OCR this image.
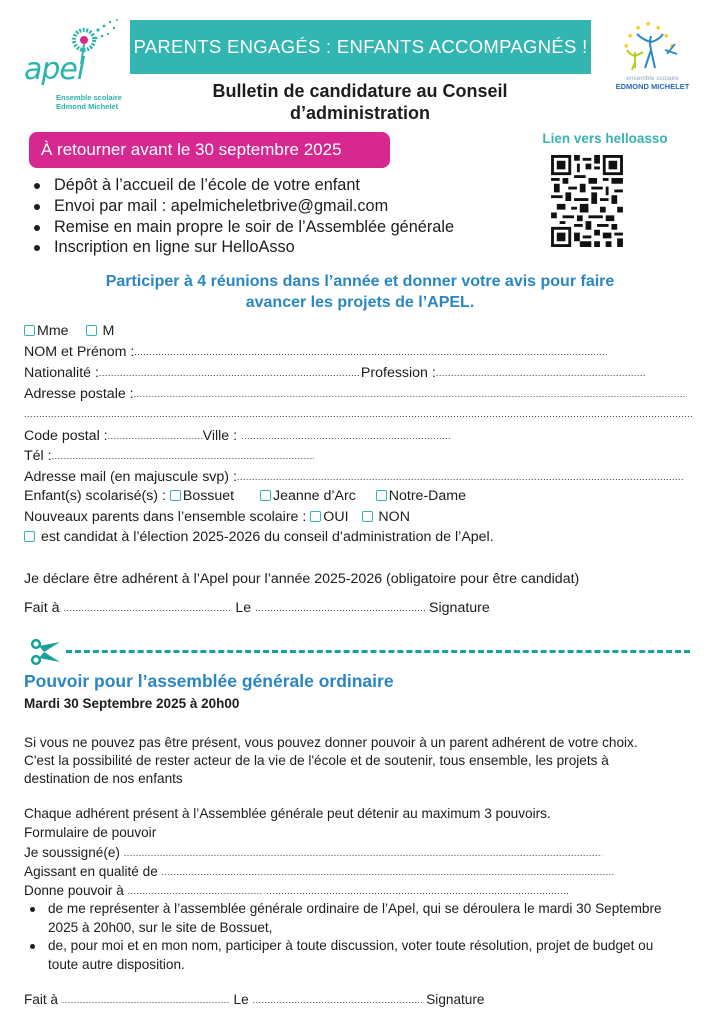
apel
Ensemble scolaire
Edmond Michelet
PARENTS ENGAGÉS : ENFANTS ACCOMPAGNÉS !
★
★ ★
★	★
★	★
ensemble scolaire
EDMOND MICHELET
Bulletin de candidature au Conseil
d’administration
À retourner avant le 30 septembre 2025
Lien vers helloasso
Dépôt à l’accueil de l’école de votre enfant
Envoi par mail : apelmicheletbrive@gmail.com
Remise en main propre le soir de l’Assemblée générale
Inscription en ligne sur HelloAsso
Participer à 4 réunions dans l’année et donner votre avis pour faire
avancer les projets de l’APEL.
Mme M
NOM et Prénom :.....
Nationalité : .....	Profession :.....
Adresse postale :.....
.....
Code postal : .....	Ville : .....
Tél :.....
Adresse mail (en majuscule svp) :.....
Enfant(s) scolarisé(s) : Bossuet	Jeanne d’Arc Notre-Dame
Nouveaux parents dans l’ensemble scolaire : OUI NON
est candidat à l’élection 2025-2026 du conseil d’administration de l’Apel.
Je déclare être adhérent à l’Apel pour l’année 2025-2026 (obligatoire pour être candidat)
Fait à .....	Le .....	Signature
Pouvoir pour l’assemblée générale ordinaire
Mardi 30 Septembre 2025 à 20h00
Si vous ne pouvez pas être présent, vous pouvez donner pouvoir à un parent adhérent de votre choix.
C'est la possibilité de rester acteur de la vie de l'école et de soutenir, tous ensemble, les projets à
destination de nos enfants
Chaque adhérent présent à l’Assemblée générale peut détenir au maximum 3 pouvoirs.
Formulaire de pouvoir
Je soussigné(e) .....
Agissant en qualité de .....
Donne pouvoir à ..... .....
de me représenter à l’assemblée générale ordinaire de l’Apel, qui se déroulera le mardi 30 Septembre 2025 à 20h00, sur le site de Bossuet,
de, pour moi et en mon nom, participer à toute discussion, voter toute résolution, projet de budget ou toute autre disposition.
Fait à .....	Le .....	Signature
